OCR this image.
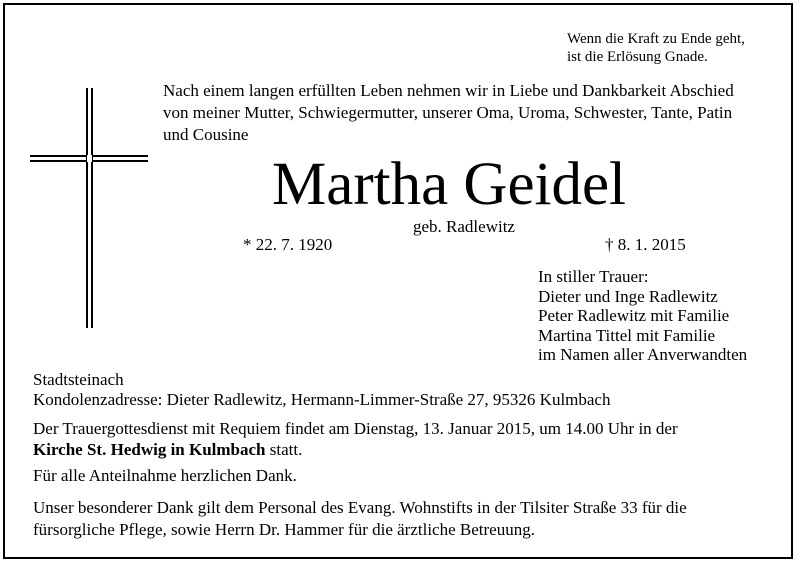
Wenn die Kraft zu Ende geht,
ist die Erlösung Gnade.
Nach einem langen erfüllten Leben nehmen wir in Liebe und Dankbarkeit Abschied
von meiner Mutter, Schwiegermutter, unserer Oma, Uroma, Schwester, Tante, Patin
und Cousine
Martha Geidel
geb. Radlewitz
* 22. 7. 1920	† 8. 1. 2015
In stiller Trauer:
Dieter und Inge Radlewitz
Peter Radlewitz mit Familie
Martina Tittel mit Familie
im Namen aller Anverwandten
Stadtsteinach
Kondolenzadresse: Dieter Radlewitz, Hermann-Limmer-Straße 27, 95326 Kulmbach
Der Trauergottesdienst mit Requiem findet am Dienstag, 13. Januar 2015, um 14.00 Uhr in der
Kirche St. Hedwig in Kulmbach statt.
Für alle Anteilnahme herzlichen Dank.
Unser besonderer Dank gilt dem Personal des Evang. Wohnstifts in der Tilsiter Straße 33 für die
fürsorgliche Pflege, sowie Herrn Dr. Hammer für die ärztliche Betreuung.
